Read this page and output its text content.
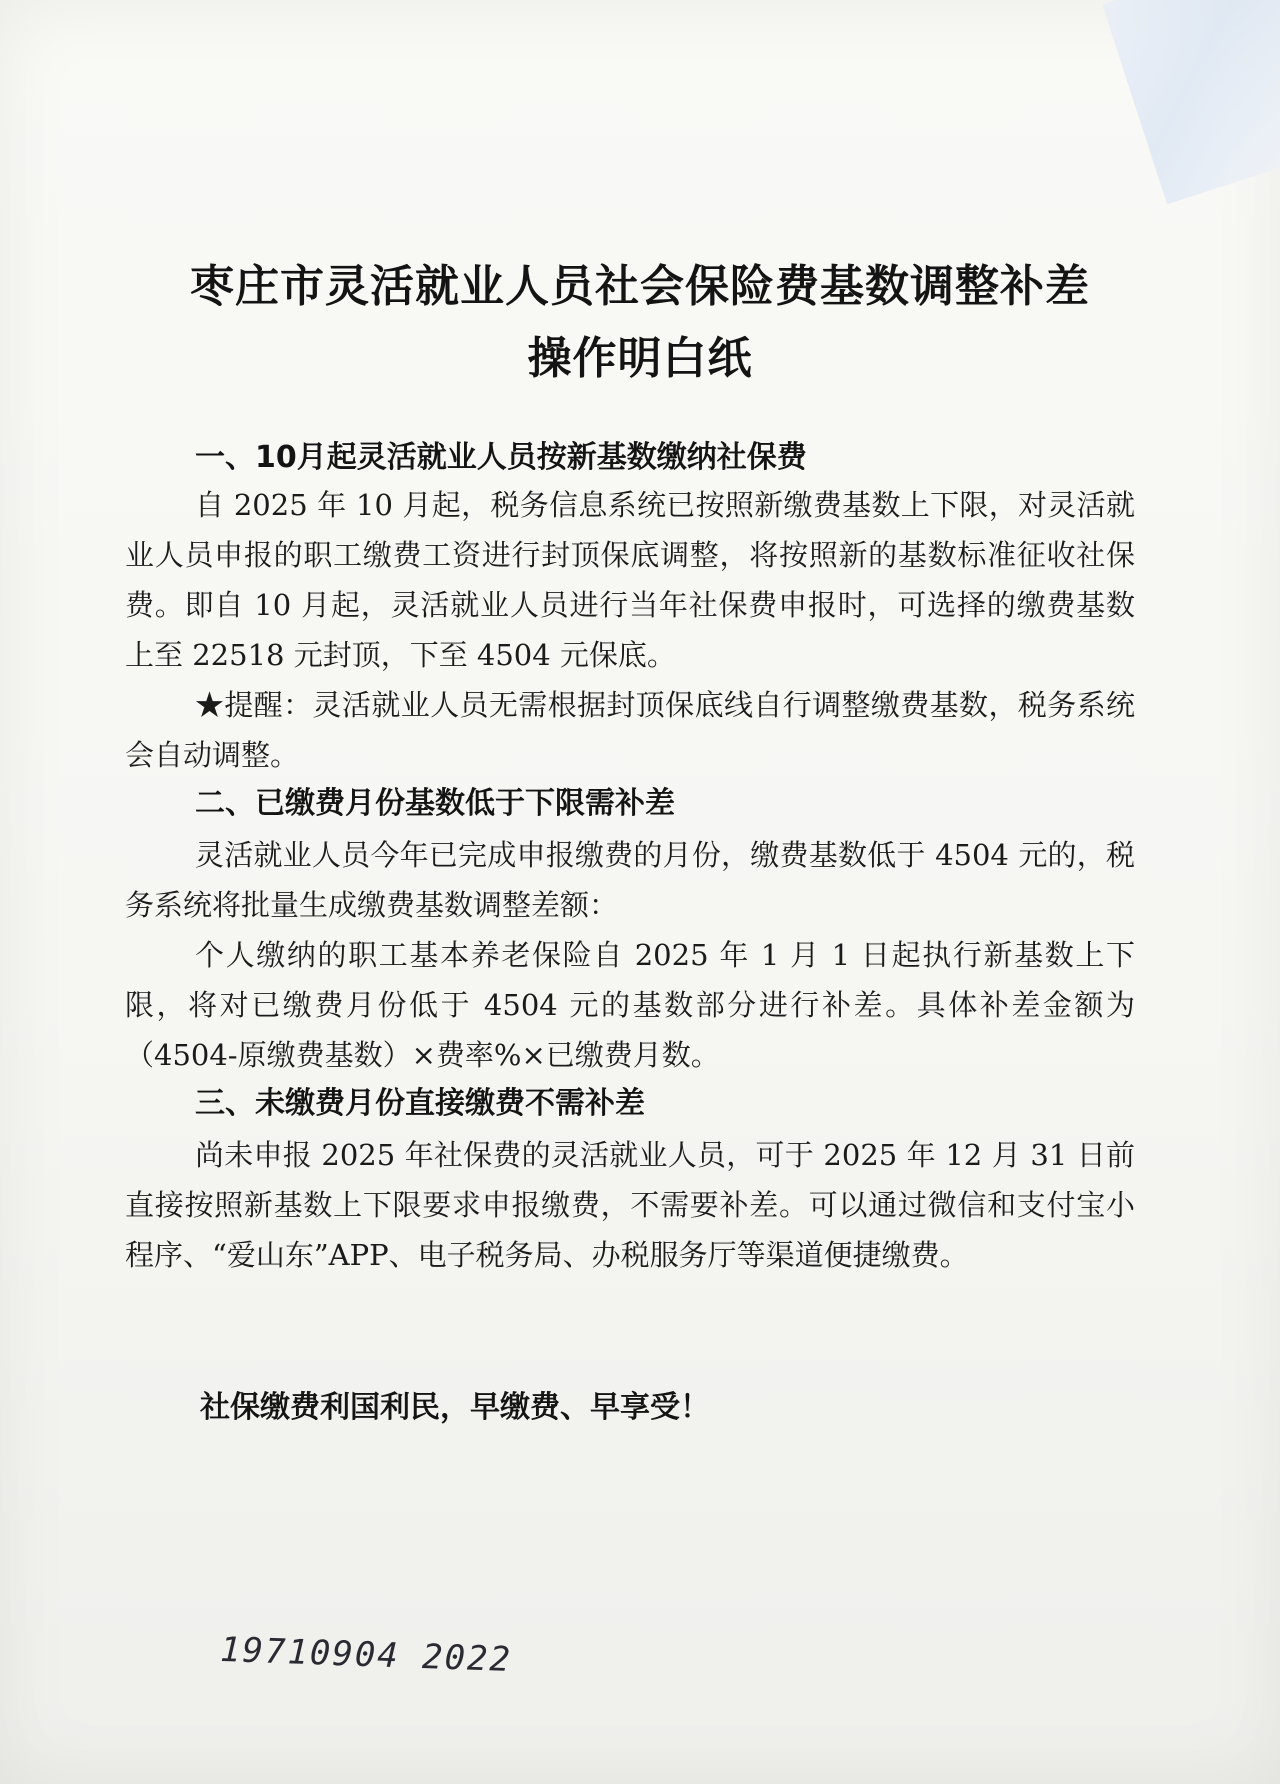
枣庄市灵活就业人员社会保险费基数调整补差
操作明白纸
一、10月起灵活就业人员按新基数缴纳社保费

自 2025 年 10 月起，税务信息系统已按照新缴费基数上下限，对灵活就业人员申报的职工缴费工资进行封顶保底调整，将按照新的基数标准征收社保费。即自 10 月起，灵活就业人员进行当年社保费申报时，可选择的缴费基数上至 22518 元封顶，下至 4504 元保底。

★提醒：灵活就业人员无需根据封顶保底线自行调整缴费基数，税务系统会自动调整。

二、已缴费月份基数低于下限需补差

灵活就业人员今年已完成申报缴费的月份，缴费基数低于 4504 元的，税务系统将批量生成缴费基数调整差额：

个人缴纳的职工基本养老保险自 2025 年 1 月 1 日起执行新基数上下限，将对已缴费月份低于 4504 元的基数部分进行补差。具体补差金额为（4504-原缴费基数）×费率%×已缴费月数。

三、未缴费月份直接缴费不需补差

尚未申报 2025 年社保费的灵活就业人员，可于 2025 年 12 月 31 日前直接按照新基数上下限要求申报缴费，不需要补差。可以通过微信和支付宝小程序、“爱山东”APP、电子税务局、办税服务厅等渠道便捷缴费。

社保缴费利国利民，早缴费、早享受！

19710904 2022
